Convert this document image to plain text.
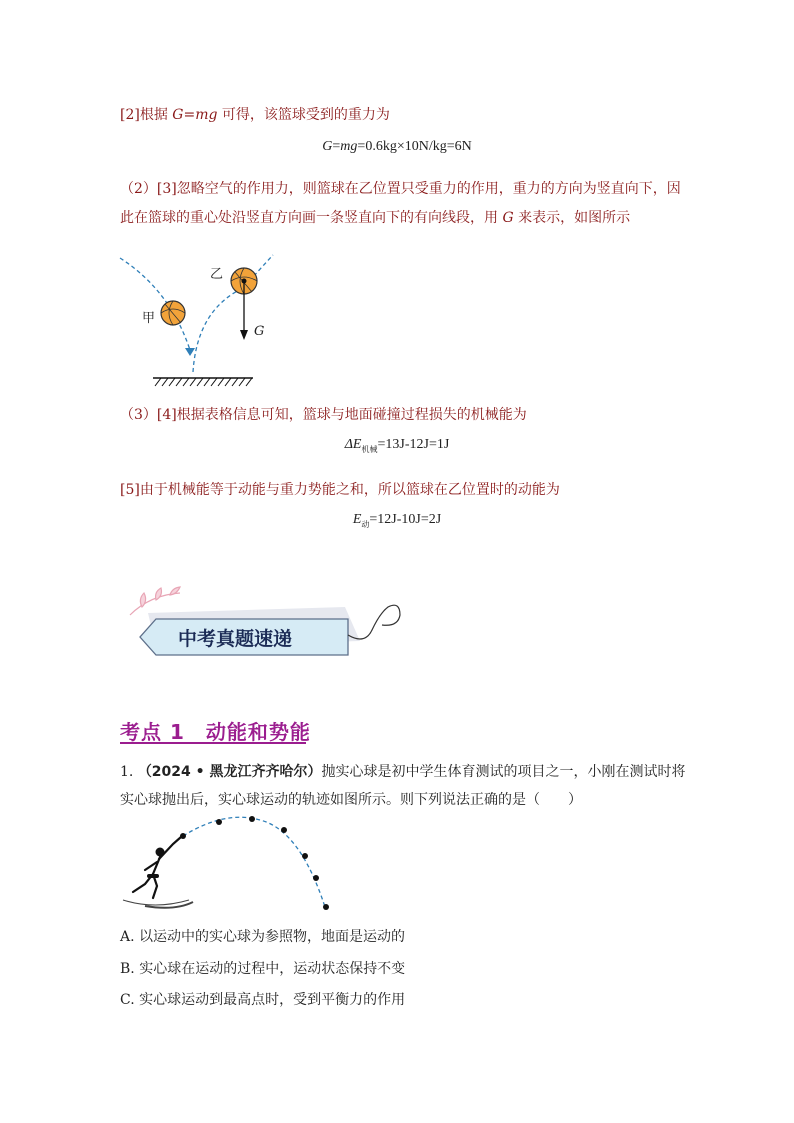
[2]根据 G=mg 可得，该篮球受到的重力为
G=mg=0.6kg×10N/kg=6N
（2）[3]忽略空气的作用力，则篮球在乙位置只受重力的作用，重力的方向为竖直向下，因
此在篮球的重心处沿竖直方向画一条竖直向下的有向线段，用 G 来表示，如图所示
甲
乙
G
（3）[4]根据表格信息可知，篮球与地面碰撞过程损失的机械能为
$\Delta E_{机械}=13J-12J=1J$
[5]由于机械能等于动能与重力势能之和，所以篮球在乙位置时的动能为
$E_动=12J-10J=2J$
中考真题速递
考点 1　动能和势能
1. （2024 • 黑龙江齐齐哈尔）抛实心球是初中学生体育测试的项目之一，小刚在测试时将
实心球抛出后，实心球运动的轨迹如图所示。则下列说法正确的是（　　）
A. 以运动中的实心球为参照物，地面是运动的
B. 实心球在运动的过程中，运动状态保持不变
C. 实心球运动到最高点时，受到平衡力的作用
